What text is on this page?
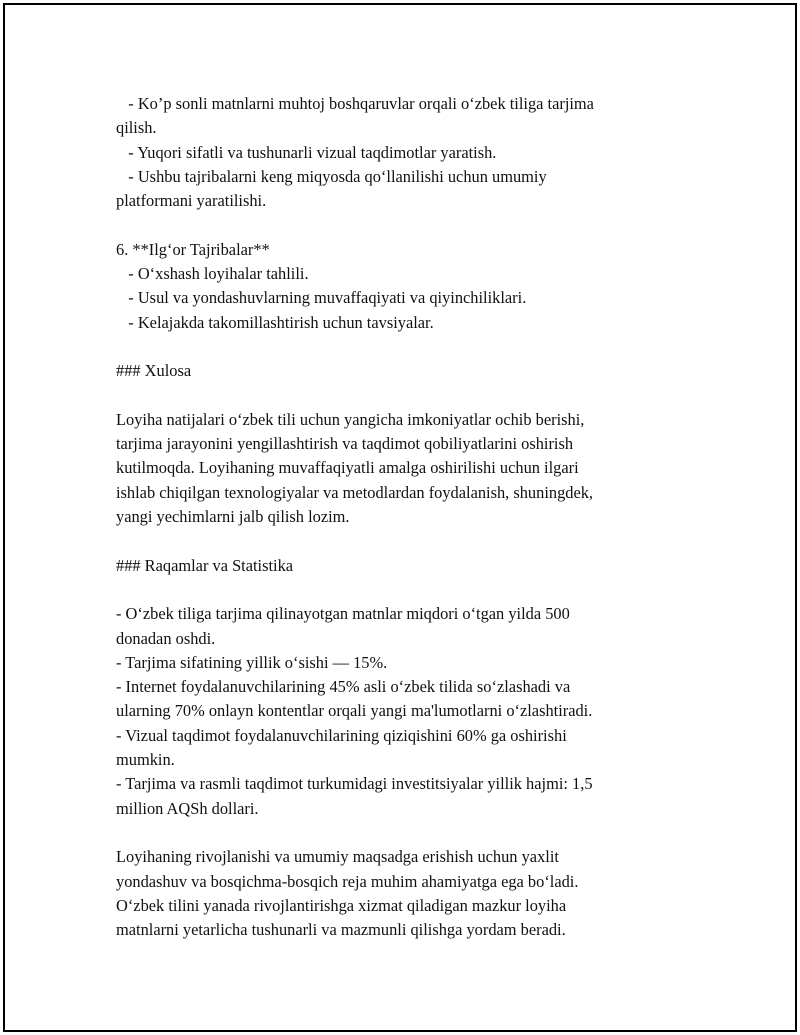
- Ko’p sonli matnlarni muhtoj boshqaruvlar orqali o‘zbek tiliga tarjima
qilish.
- Yuqori sifatli va tushunarli vizual taqdimotlar yaratish.
- Ushbu tajribalarni keng miqyosda qo‘llanilishi uchun umumiy
platformani yaratilishi.
6. **Ilg‘or Tajribalar**
- O‘xshash loyihalar tahlili.
- Usul va yondashuvlarning muvaffaqiyati va qiyinchiliklari.
- Kelajakda takomillashtirish uchun tavsiyalar.
### Xulosa
Loyiha natijalari o‘zbek tili uchun yangicha imkoniyatlar ochib berishi,
tarjima jarayonini yengillashtirish va taqdimot qobiliyatlarini oshirish
kutilmoqda. Loyihaning muvaffaqiyatli amalga oshirilishi uchun ilgari
ishlab chiqilgan texnologiyalar va metodlardan foydalanish, shuningdek,
yangi yechimlarni jalb qilish lozim.
### Raqamlar va Statistika
- O‘zbek tiliga tarjima qilinayotgan matnlar miqdori o‘tgan yilda 500
donadan oshdi.
- Tarjima sifatining yillik o‘sishi — 15%.
- Internet foydalanuvchilarining 45% asli o‘zbek tilida so‘zlashadi va
ularning 70% onlayn kontentlar orqali yangi ma'lumotlarni o‘zlashtiradi.
- Vizual taqdimot foydalanuvchilarining qiziqishini 60% ga oshirishi
mumkin.
- Tarjima va rasmli taqdimot turkumidagi investitsiyalar yillik hajmi: 1,5
million AQSh dollari.
Loyihaning rivojlanishi va umumiy maqsadga erishish uchun yaxlit
yondashuv va bosqichma-bosqich reja muhim ahamiyatga ega bo‘ladi.
O‘zbek tilini yanada rivojlantirishga xizmat qiladigan mazkur loyiha
matnlarni yetarlicha tushunarli va mazmunli qilishga yordam beradi.
